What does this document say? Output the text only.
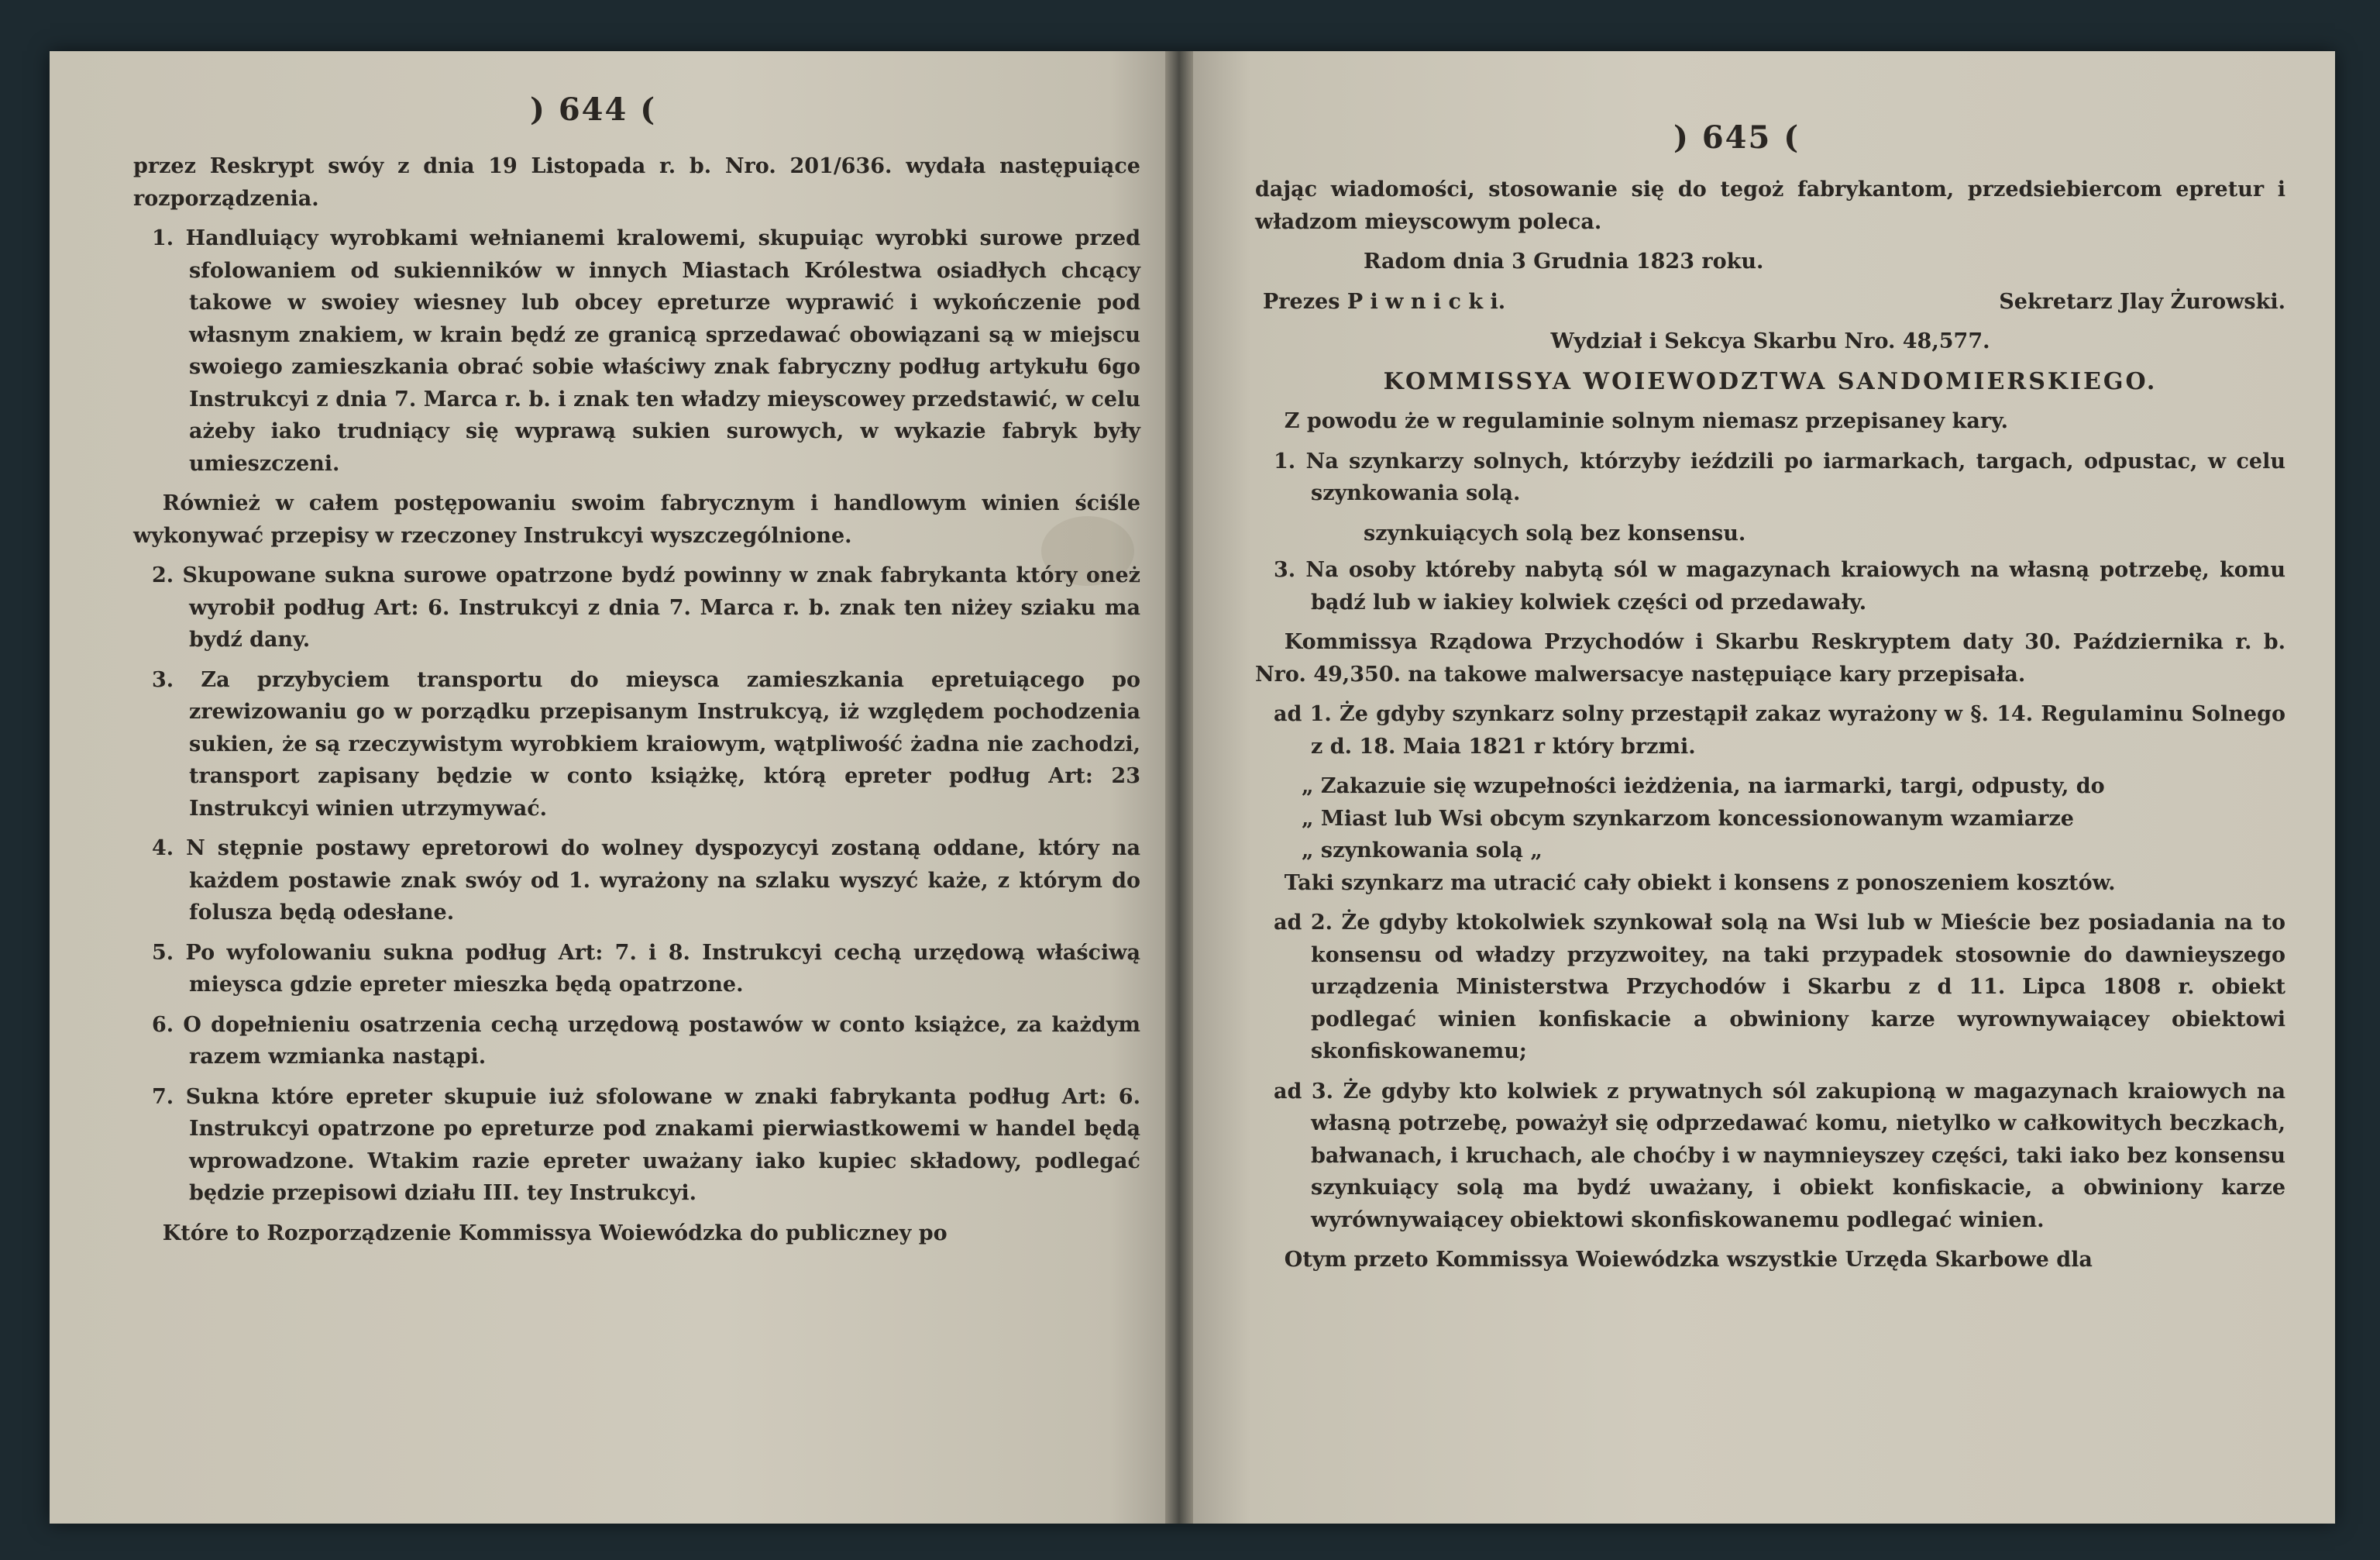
) 644 (

przez Reskrypt swóy z dnia 19 Listopada r. b. Nro. 201/636. wydała następuiące rozporządzenia.

1. Handluiący wyrobkami wełnianemi kralowemi, skupuiąc wyrobki surowe przed sfolowaniem od sukienników w innych Miastach Królestwa osiadłych chcący takowe w swoiey wiesney lub obcey epreturze wyprawić i wykończenie pod własnym znakiem, w krain będź ze granicą sprzedawać obowiązani są w miejscu swoiego zamieszkania obrać sobie właściwy znak fabryczny podług artykułu 6go Instrukcyi z dnia 7. Marca r. b. i znak ten władzy mieyscowey przedstawić, w celu ażeby iako trudniący się wyprawą sukien surowych, w wykazie fabryk były umieszczeni.

Również w całem postępowaniu swoim fabrycznym i handlowym winien ściśle wykonywać przepisy w rzeczoney Instrukcyi wyszczególnione.

2. Skupowane sukna surowe opatrzone bydź powinny w znak fabrykanta który oneż wyrobił podług Art: 6. Instrukcyi z dnia 7. Marca r. b. znak ten niżey sziaku ma bydź dany.

3. Za przybyciem transportu do mieysca zamieszkania epretuiącego po zrewizowaniu go w porządku przepisanym Instrukcyą, iż względem pochodzenia sukien, że są rzeczywistym wyrobkiem kraiowym, wątpliwość żadna nie zachodzi, transport zapisany będzie w conto książkę, którą epreter podług Art: 23 Instrukcyi winien utrzymywać.

4. N stępnie postawy epretorowi do wolney dyspozycyi zostaną oddane, który na każdem postawie znak swóy od 1. wyrażony na szlaku wyszyć każe, z którym do folusza będą odesłane.

5. Po wyfolowaniu sukna podług Art: 7. i 8. Instrukcyi cechą urzędową właściwą mieysca gdzie epreter mieszka będą opatrzone.

6. O dopełnieniu osatrzenia cechą urzędową postawów w conto książce, za każdym razem wzmianka nastąpi.

7. Sukna które epreter skupuie iuż sfolowane w znaki fabrykanta podług Art: 6. Instrukcyi opatrzone po epreturze pod znakami pierwiastkowemi w handel będą wprowadzone. Wtakim razie epreter uważany iako kupiec składowy, podlegać będzie przepisowi działu III. tey Instrukcyi.

Które to Rozporządzenie Kommissya Woiewódzka do publiczney po

) 645 (

dając wiadomości, stosowanie się do tegoż fabrykantom, przedsiebiercom epretur i władzom mieyscowym poleca.

Radom dnia 3 Grudnia 1823 roku.

Prezes P i w n i c k i.	Sekretarz Jlay Żurowski.

Wydział i Sekcya Skarbu Nro. 48,577.

KOMMISSYA WOIEWODZTWA SANDOMIERSKIEGO.

Z powodu że w regulaminie solnym niemasz przepisaney kary.

1. Na szynkarzy solnych, którzyby ieździli po iarmarkach, targach, odpustac, w celu szynkowania solą.

szynkuiących solą bez konsensu.

3. Na osoby któreby nabytą sól w magazynach kraiowych na własną potrzebę, komu bądź lub w iakiey kolwiek części od przedawały.

Kommissya Rządowa Przychodów i Skarbu Reskryptem daty 30. Października r. b. Nro. 49,350. na takowe malwersacye następuiące kary przepisała.

ad 1. Że gdyby szynkarz solny przestąpił zakaz wyrażony w §. 14. Regulaminu Solnego z d. 18. Maia 1821 r który brzmi.

„ Zakazuie się wzupełności ieżdżenia, na iarmarki, targi, odpusty, do

„ Miast lub Wsi obcym szynkarzom koncessionowanym wzamiarze

„ szynkowania solą „

Taki szynkarz ma utracić cały obiekt i konsens z ponoszeniem kosztów.

ad 2. Że gdyby ktokolwiek szynkował solą na Wsi lub w Mieście bez posiadania na to konsensu od władzy przyzwoitey, na taki przypadek stosownie do dawnieyszego urządzenia Ministerstwa Przychodów i Skarbu z d 11. Lipca 1808 r. obiekt podlegać winien konfiskacie a obwiniony karze wyrownywaiącey obiektowi skonfiskowanemu;

ad 3. Że gdyby kto kolwiek z prywatnych sól zakupioną w magazynach kraiowych na własną potrzebę, poważył się odprzedawać komu, nietylko w całkowitych beczkach, bałwanach, i kruchach, ale choćby i w naymnieyszey części, taki iako bez konsensu szynkuiący solą ma bydź uważany, i obiekt konfiskacie, a obwiniony karze wyrównywaiącey obiektowi skonfiskowanemu podlegać winien.

Otym przeto Kommissya Woiewódzka wszystkie Urzęda Skarbowe dla
